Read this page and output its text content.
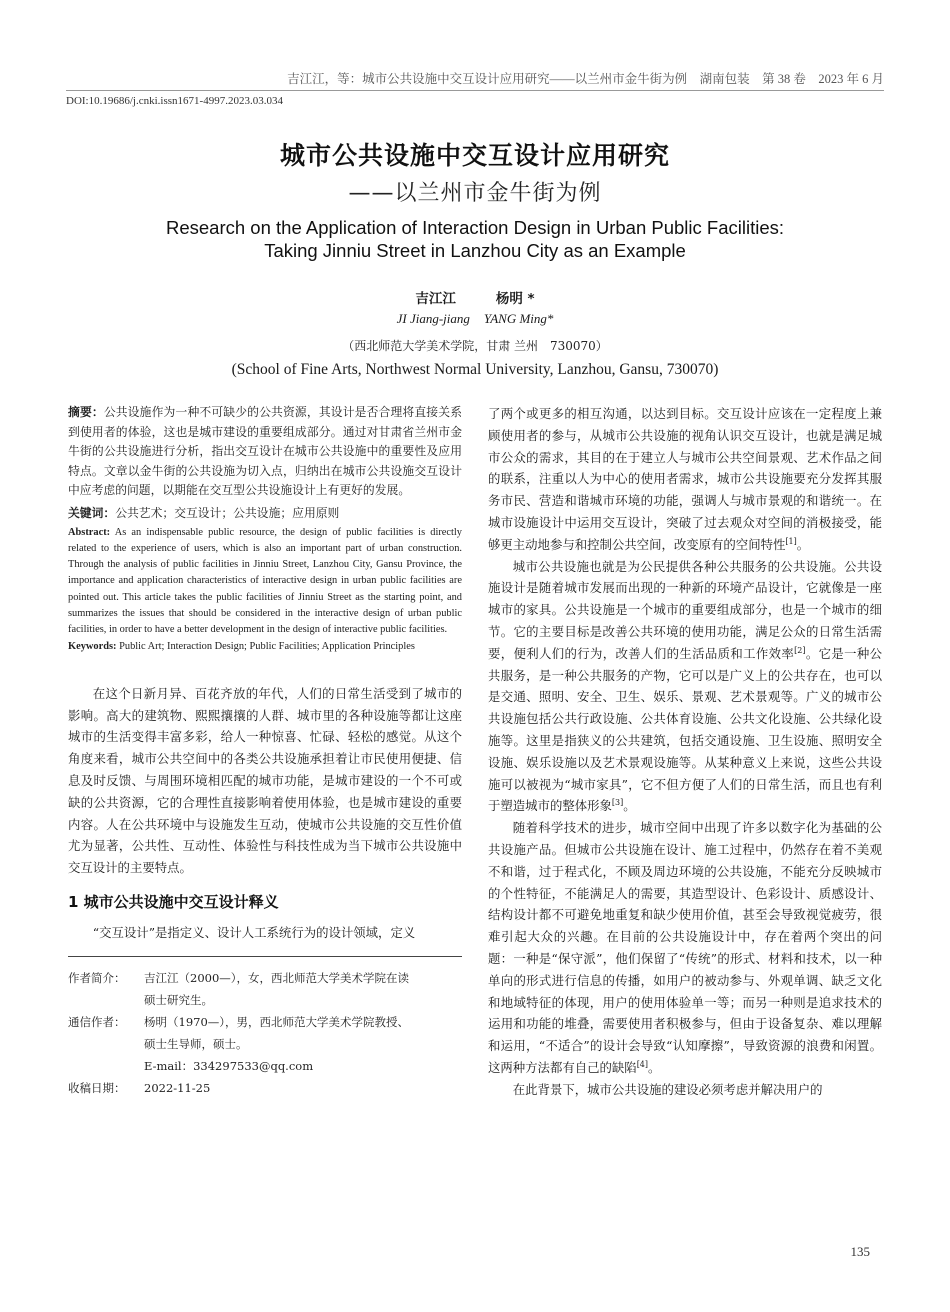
吉江江，等：城市公共设施中交互设计应用研究——以兰州市金牛街为例　湖南包装　第 38 卷　2023 年 6 月
DOI:10.19686/j.cnki.issn1671-4997.2023.03.034
城市公共设施中交互设计应用研究
——以兰州市金牛街为例
Research on the Application of Interaction Design in Urban Public Facilities:
Taking Jinniu Street in Lanzhou City as an Example
吉江江	杨明 *
JI Jiang-jiang YANG Ming*
（西北师范大学美术学院，甘肃 兰州　730070）
(School of Fine Arts, Northwest Normal University, Lanzhou, Gansu, 730070)

摘要：公共设施作为一种不可缺少的公共资源，其设计是否合理将直接关系到使用者的体验，这也是城市建设的重要组成部分。通过对甘肃省兰州市金牛街的公共设施进行分析，指出交互设计在城市公共设施中的重要性及应用特点。文章以金牛街的公共设施为切入点，归纳出在城市公共设施交互设计中应考虑的问题，以期能在交互型公共设施设计上有更好的发展。

关键词：公共艺术；交互设计；公共设施；应用原则

Abstract: As an indispensable public resource, the design of public facilities is directly related to the experience of users, which is also an important part of urban construction. Through the analysis of public facilities in Jinniu Street, Lanzhou City, Gansu Province, the importance and application characteristics of interactive design in urban public facilities are pointed out. This article takes the public facilities of Jinniu Street as the starting point, and summarizes the issues that should be considered in the interactive design of urban public facilities, in order to have a better development in the design of interactive public facilities.

Keywords: Public Art; Interaction Design; Public Facilities; Application Principles

在这个日新月异、百花齐放的年代，人们的日常生活受到了城市的影响。高大的建筑物、熙熙攘攘的人群、城市里的各种设施等都让这座城市的生活变得丰富多彩，给人一种惊喜、忙碌、轻松的感觉。从这个角度来看，城市公共空间中的各类公共设施承担着让市民使用便捷、信息及时反馈、与周围环境相匹配的城市功能，是城市建设的一个不可或缺的公共资源，它的合理性直接影响着使用体验，也是城市建设的重要内容。人在公共环境中与设施发生互动，使城市公共设施的交互性价值尤为显著，公共性、互动性、体验性与科技性成为当下城市公共设施中交互设计的主要特点。

1 城市公共设施中交互设计释义

“交互设计”是指定义、设计人工系统行为的设计领域，定义

作者简介：	吉江江（2000—），女，西北师范大学美术学院在读
硕士研究生。
通信作者：	杨明（1970—），男，西北师范大学美术学院教授、
硕士生导师，硕士。
E-mail：334297533@qq.com
收稿日期：	2022-11-25

了两个或更多的相互沟通，以达到目标。交互设计应该在一定程度上兼顾使用者的参与，从城市公共设施的视角认识交互设计，也就是满足城市公众的需求，其目的在于建立人与城市公共空间景观、艺术作品之间的联系，注重以人为中心的使用者需求，城市公共设施要充分发挥其服务市民、营造和谐城市环境的功能，强调人与城市景观的和谐统一。在城市设施设计中运用交互设计，突破了过去观众对空间的消极接受，能够更主动地参与和控制公共空间，改变原有的空间特性[1]。

城市公共设施也就是为公民提供各种公共服务的公共设施。公共设施设计是随着城市发展而出现的一种新的环境产品设计，它就像是一座城市的家具。公共设施是一个城市的重要组成部分，也是一个城市的细节。它的主要目标是改善公共环境的使用功能，满足公众的日常生活需要，便利人们的行为，改善人们的生活品质和工作效率[2]。它是一种公共服务，是一种公共服务的产物，它可以是广义上的公共存在，也可以是交通、照明、安全、卫生、娱乐、景观、艺术景观等。广义的城市公共设施包括公共行政设施、公共体育设施、公共文化设施、公共绿化设施等。这里是指狭义的公共建筑，包括交通设施、卫生设施、照明安全设施、娱乐设施以及艺术景观设施等。从某种意义上来说，这些公共设施可以被视为“城市家具”，它不但方便了人们的日常生活，而且也有利于塑造城市的整体形象[3]。

随着科学技术的进步，城市空间中出现了许多以数字化为基础的公共设施产品。但城市公共设施在设计、施工过程中，仍然存在着不美观不和谐，过于程式化，不顾及周边环境的公共设施，不能充分反映城市的个性特征，不能满足人的需要，其造型设计、色彩设计、质感设计、结构设计都不可避免地重复和缺少使用价值，甚至会导致视觉疲劳，很难引起大众的兴趣。在目前的公共设施设计中，存在着两个突出的问题：一种是“保守派”，他们保留了“传统”的形式、材料和技术，以一种单向的形式进行信息的传播，如用户的被动参与、外观单调、缺乏文化和地域特征的体现，用户的使用体验单一等；而另一种则是追求技术的运用和功能的堆叠，需要使用者积极参与，但由于设备复杂、难以理解和运用，“不适合”的设计会导致“认知摩擦”，导致资源的浪费和闲置。这两种方法都有自己的缺陷[4]。

在此背景下，城市公共设施的建设必须考虑并解决用户的

135
